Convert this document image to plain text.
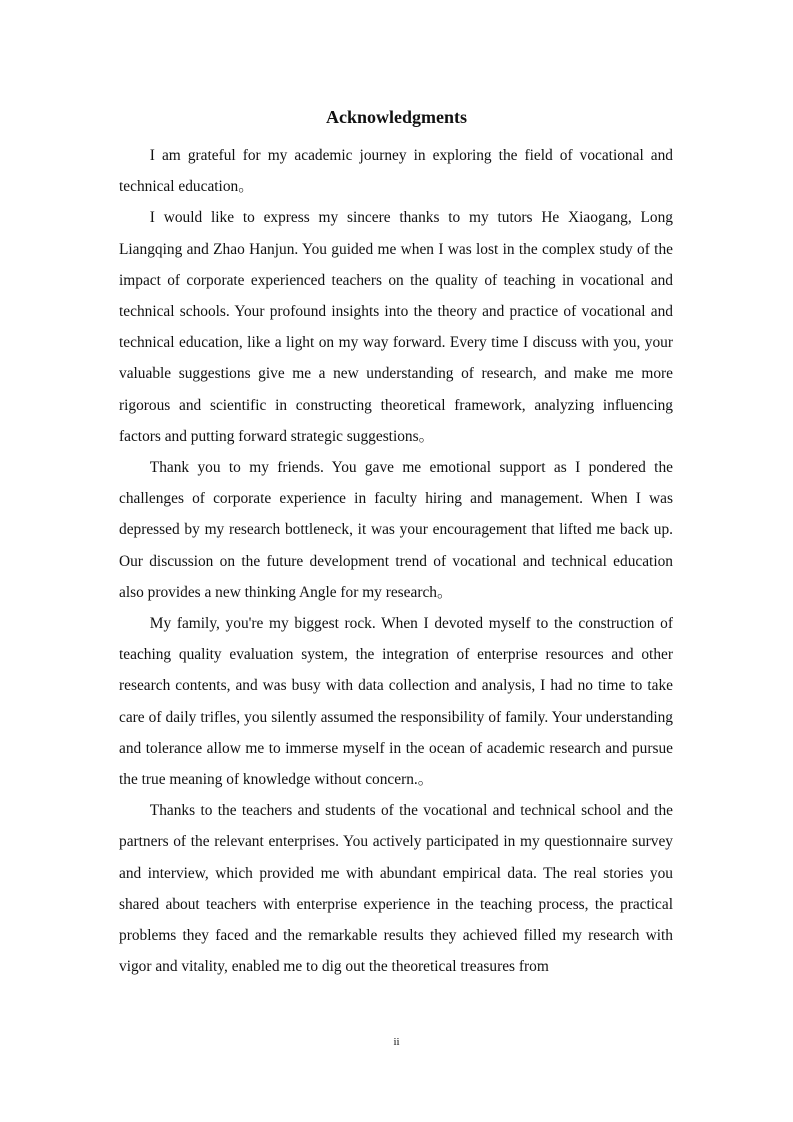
Acknowledgments

I am grateful for my academic journey in exploring the field of vocational and technical education。

I would like to express my sincere thanks to my tutors He Xiaogang, Long Liangqing and Zhao Hanjun. You guided me when I was lost in the complex study of the impact of corporate experienced teachers on the quality of teaching in vocational and technical schools. Your profound insights into the theory and practice of vocational and technical education, like a light on my way forward. Every time I discuss with you, your valuable suggestions give me a new understanding of research, and make me more rigorous and scientific in constructing theoretical framework, analyzing influencing factors and putting forward strategic suggestions。

Thank you to my friends. You gave me emotional support as I pondered the challenges of corporate experience in faculty hiring and management. When I was depressed by my research bottleneck, it was your encouragement that lifted me back up. Our discussion on the future development trend of vocational and technical education also provides a new thinking Angle for my research。

My family, you're my biggest rock. When I devoted myself to the construction of teaching quality evaluation system, the integration of enterprise resources and other research contents, and was busy with data collection and analysis, I had no time to take care of daily trifles, you silently assumed the responsibility of family. Your understanding and tolerance allow me to immerse myself in the ocean of academic research and pursue the true meaning of knowledge without concern.。

Thanks to the teachers and students of the vocational and technical school and the partners of the relevant enterprises. You actively participated in my questionnaire survey and interview, which provided me with abundant empirical data. The real stories you shared about teachers with enterprise experience in the teaching process, the practical problems they faced and the remarkable results they achieved filled my research with vigor and vitality, enabled me to dig out the theoretical treasures from

ii
